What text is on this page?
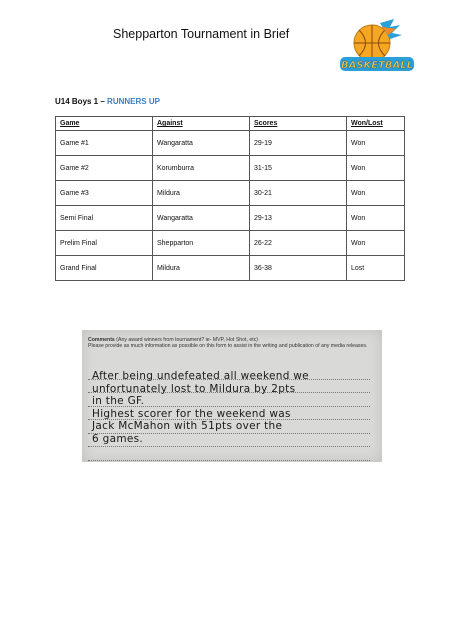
Shepparton Tournament in Brief
BASKETBALL
U14 Boys 1 – RUNNERS UP
Game	Against	Scores	Won/Lost
Game #1	Wangaratta	29-19	Won
Game #2	Korumburra	31-15	Won
Game #3	Mildura	30-21	Won
Semi Final	Wangaratta	29-13	Won
Prelim Final	Shepparton	26-22	Won
Grand Final	Mildura	36-38	Lost
Comments (Any award winners from tournament? ie- MVP, Hot Shot, etc)
Please provide as much information as possible on this form to assist in the writing and publication of any media releases.
After being undefeated all weekend we
unfortunately lost to Mildura by 2pts
in the GF.
Highest scorer for the weekend was
Jack McMahon with 51pts over the
6 games.
